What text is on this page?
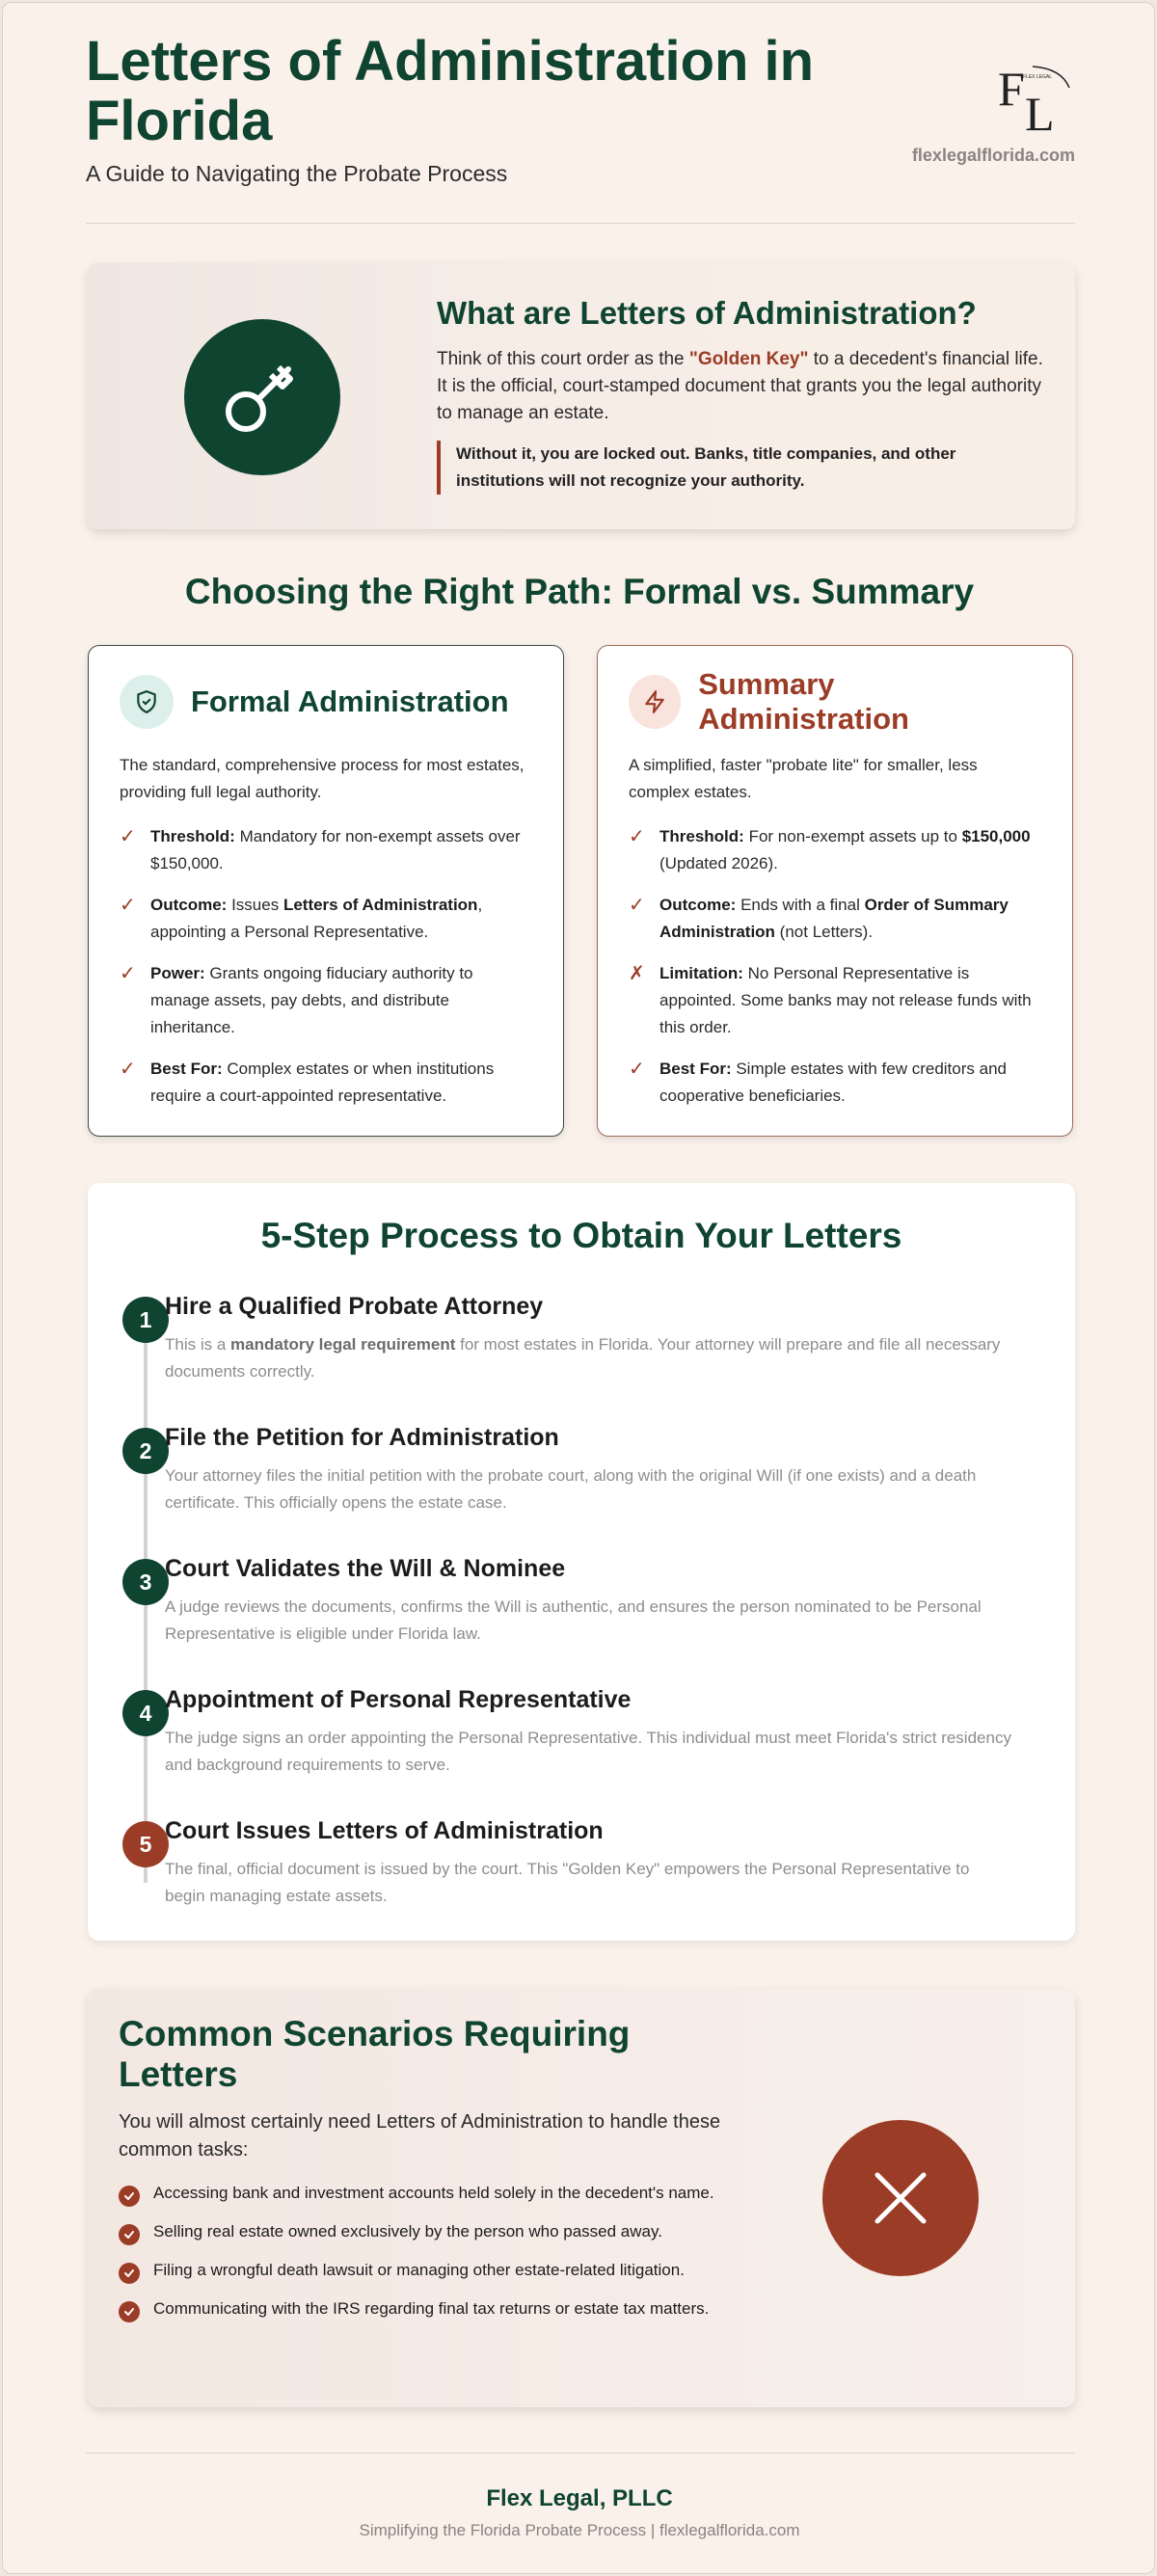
Letters of Administration in Florida
A Guide to Navigating the Probate Process
F L
FLEX LEGAL
flexlegalflorida.com
What are Letters of Administration?

Think of this court order as the "Golden Key" to a decedent's financial life. It is the official, court-stamped document that grants you the legal authority to manage an estate.

Without it, you are locked out. Banks, title companies, and other institutions will not recognize your authority.
Choosing the Right Path: Formal vs. Summary
Formal Administration

The standard, comprehensive process for most estates, providing full legal authority.

✓ Threshold: Mandatory for non-exempt assets over $150,000.
✓ Outcome: Issues Letters of Administration, appointing a Personal Representative.
✓ Power: Grants ongoing fiduciary authority to manage assets, pay debts, and distribute inheritance.
✓ Best For: Complex estates or when institutions require a court-appointed representative.
Summary Administration

A simplified, faster "probate lite" for smaller, less complex estates.

✓ Threshold: For non-exempt assets up to $150,000 (Updated 2026).
✓ Outcome: Ends with a final Order of Summary Administration (not Letters).
✗ Limitation: No Personal Representative is appointed. Some banks may not release funds with this order.
✓ Best For: Simple estates with few creditors and cooperative beneficiaries.
5-Step Process to Obtain Your Letters
1 Hire a Qualified Probate Attorney

This is a mandatory legal requirement for most estates in Florida. Your attorney will prepare and file all necessary documents correctly.

2 File the Petition for Administration

Your attorney files the initial petition with the probate court, along with the original Will (if one exists) and a death certificate. This officially opens the estate case.

3 Court Validates the Will & Nominee

A judge reviews the documents, confirms the Will is authentic, and ensures the person nominated to be Personal Representative is eligible under Florida law.

4 Appointment of Personal Representative

The judge signs an order appointing the Personal Representative. This individual must meet Florida's strict residency and background requirements to serve.

5 Court Issues Letters of Administration

The final, official document is issued by the court. This "Golden Key" empowers the Personal Representative to begin managing estate assets.

Common Scenarios Requiring Letters

You will almost certainly need Letters of Administration to handle these common tasks:

Accessing bank and investment accounts held solely in the decedent's name.
Selling real estate owned exclusively by the person who passed away.
Filing a wrongful death lawsuit or managing other estate-related litigation.
Communicating with the IRS regarding final tax returns or estate tax matters.
Flex Legal, PLLC
Simplifying the Florida Probate Process | flexlegalflorida.com
